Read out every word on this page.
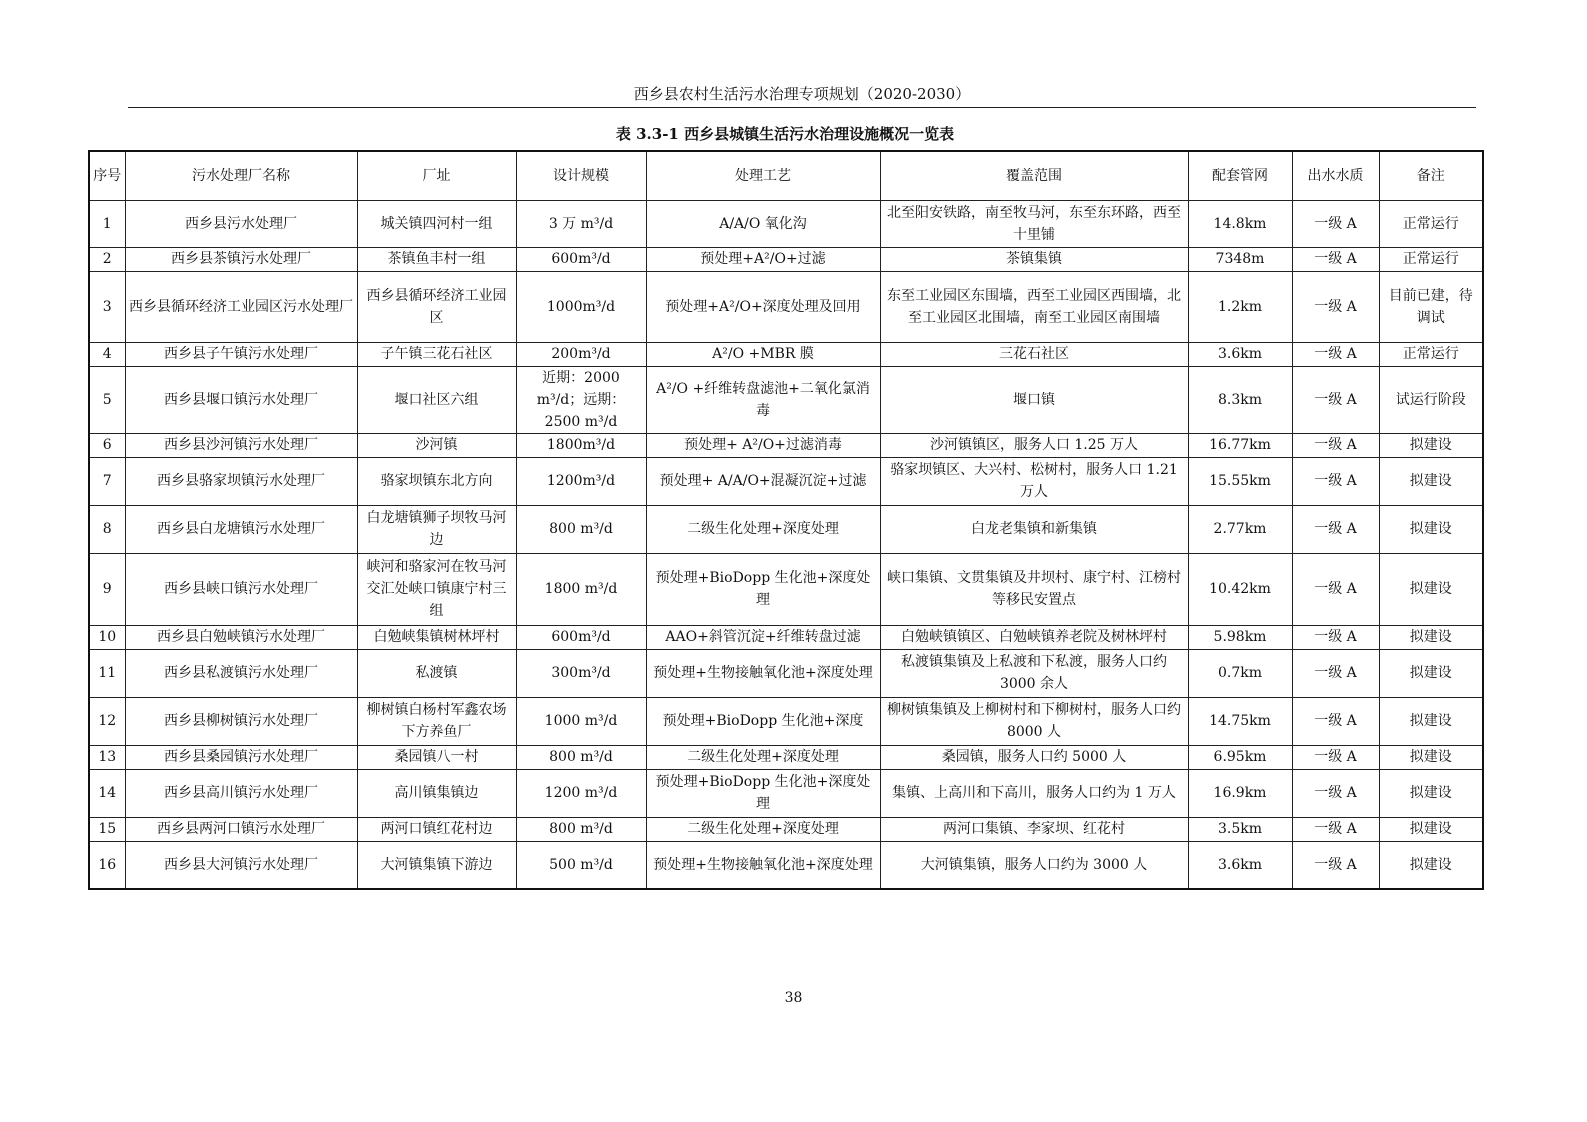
西乡县农村生活污水治理专项规划（2020-2030）
表 3.3-1 西乡县城镇生活污水治理设施概况一览表
序号	污水处理厂名称	厂址	设计规模	处理工艺	覆盖范围	配套管网	出水水质	备注
1	西乡县污水处理厂	城关镇四河村一组	3 万 m³/d	A/A/O 氧化沟	北至阳安铁路，南至牧马河，东至东环路，西至十里铺	14.8km	一级 A	正常运行
2	西乡县茶镇污水处理厂	茶镇鱼丰村一组	600m³/d	预处理+A²/O+过滤	茶镇集镇	7348m	一级 A	正常运行
3	西乡县循环经济工业园区污水处理厂	西乡县循环经济工业园区	1000m³/d	预处理+A²/O+深度处理及回用	东至工业园区东围墙，西至工业园区西围墙，北至工业园区北围墙，南至工业园区南围墙	1.2km	一级 A	目前已建，待调试
4	西乡县子午镇污水处理厂	子午镇三花石社区	200m³/d	A²/O +MBR 膜	三花石社区	3.6km	一级 A	正常运行
5	西乡县堰口镇污水处理厂	堰口社区六组	近期：2000 m³/d；远期：2500 m³/d	A²/O +纤维转盘滤池+二氧化氯消毒	堰口镇	8.3km	一级 A	试运行阶段
6	西乡县沙河镇污水处理厂	沙河镇	1800m³/d	预处理+ A²/O+过滤消毒	沙河镇镇区，服务人口 1.25 万人	16.77km	一级 A	拟建设
7	西乡县骆家坝镇污水处理厂	骆家坝镇东北方向	1200m³/d	预处理+ A/A/O+混凝沉淀+过滤	骆家坝镇区、大兴村、松树村，服务人口 1.21 万人	15.55km	一级 A	拟建设
8	西乡县白龙塘镇污水处理厂	白龙塘镇狮子坝牧马河边	800 m³/d	二级生化处理+深度处理	白龙老集镇和新集镇	2.77km	一级 A	拟建设
9	西乡县峡口镇污水处理厂	峡河和骆家河在牧马河交汇处峡口镇康宁村三组	1800 m³/d	预处理+BioDopp 生化池+深度处理	峡口集镇、文贯集镇及井坝村、康宁村、江榜村等移民安置点	10.42km	一级 A	拟建设
10	西乡县白勉峡镇污水处理厂	白勉峡集镇树林坪村	600m³/d	AAO+斜管沉淀+纤维转盘过滤	白勉峡镇镇区、白勉峡镇养老院及树林坪村	5.98km	一级 A	拟建设
11	西乡县私渡镇污水处理厂	私渡镇	300m³/d	预处理+生物接触氧化池+深度处理	私渡镇集镇及上私渡和下私渡，服务人口约 3000 余人	0.7km	一级 A	拟建设
12	西乡县柳树镇污水处理厂	柳树镇白杨村军鑫农场下方养鱼厂	1000 m³/d	预处理+BioDopp 生化池+深度	柳树镇集镇及上柳树村和下柳树村，服务人口约 8000 人	14.75km	一级 A	拟建设
13	西乡县桑园镇污水处理厂	桑园镇八一村	800 m³/d	二级生化处理+深度处理	桑园镇，服务人口约 5000 人	6.95km	一级 A	拟建设
14	西乡县高川镇污水处理厂	高川镇集镇边	1200 m³/d	预处理+BioDopp 生化池+深度处理	集镇、上高川和下高川，服务人口约为 1 万人	16.9km	一级 A	拟建设
15	西乡县两河口镇污水处理厂	两河口镇红花村边	800 m³/d	二级生化处理+深度处理	两河口集镇、李家坝、红花村	3.5km	一级 A	拟建设
16	西乡县大河镇污水处理厂	大河镇集镇下游边	500 m³/d	预处理+生物接触氧化池+深度处理	大河镇集镇，服务人口约为 3000 人	3.6km	一级 A	拟建设
38
